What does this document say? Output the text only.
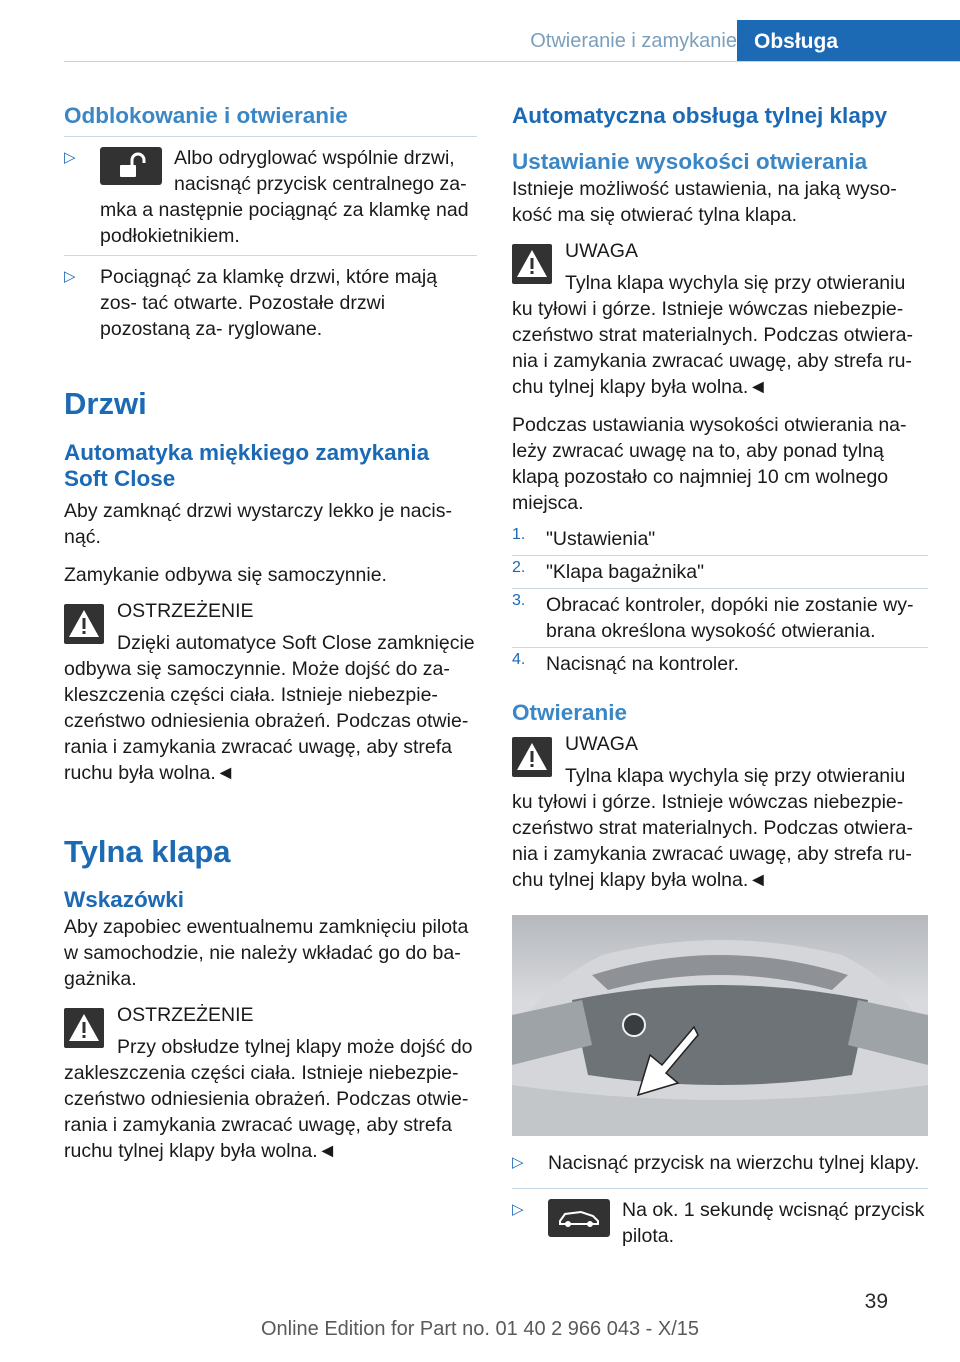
Otwieranie i zamykanie Obsługa
Odblokowanie i otwieranie
▷	Albo odryglować wspólnie drzwi,

nacisnąć przycisk centralnego za-

mka a następnie pociągnąć za klamkę nad podłokietnikiem.

▷ Pociągnąć za klamkę drzwi, które mają zos- tać otwarte. Pozostałe drzwi pozostaną za- ryglowane.

Drzwi
Automatyka miękkiego zamykania Soft Close

Aby zamknąć drzwi wystarczy lekko je nacis- nąć.

Zamykanie odbywa się samoczynnie.

OSTRZEŻENIE

Dzięki automatyce Soft Close zamknięcie

odbywa się samoczynnie. Może dojść do za- kleszczenia części ciała. Istnieje niebezpie- czeństwo odniesienia obrażeń. Podczas otwie- rania i zamykania zwracać uwagę, aby strefa ruchu była wolna.◄

Tylna klapa
Wskazówki

Aby zapobiec ewentualnemu zamknięciu pilota w samochodzie, nie należy wkładać go do ba- gażnika.

OSTRZEŻENIE

Przy obsłudze tylnej klapy może dojść do

zakleszczenia części ciała. Istnieje niebezpie- czeństwo odniesienia obrażeń. Podczas otwie- rania i zamykania zwracać uwagę, aby strefa ruchu tylnej klapy była wolna.◄

Automatyczna obsługa tylnej klapy
Ustawianie wysokości otwierania

Istnieje możliwość ustawienia, na jaką wyso- kość ma się otwierać tylna klapa.

UWAGA

Tylna klapa wychyla się przy otwieraniu

ku tyłowi i górze. Istnieje wówczas niebezpie- czeństwo strat materialnych. Podczas otwiera- nia i zamykania zwracać uwagę, aby strefa ru- chu tylnej klapy była wolna.◄

Podczas ustawiania wysokości otwierania na- leży zwracać uwagę na to, aby ponad tylną klapą pozostało co najmniej 10 cm wolnego miejsca.

1. "Ustawienia"

2. "Klapa bagażnika"

3. Obracać kontroler, dopóki nie zostanie wy- brana określona wysokość otwierania.

4. Nacisnąć na kontroler.

Otwieranie

UWAGA

Tylna klapa wychyla się przy otwieraniu

ku tyłowi i górze. Istnieje wówczas niebezpie- czeństwo strat materialnych. Podczas otwiera- nia i zamykania zwracać uwagę, aby strefa ru- chu tylnej klapy była wolna.◄

▷ Nacisnąć przycisk na wierzchu tylnej klapy.

▷	Na ok. 1 sekundę wcisnąć przycisk

pilota.

39
Online Edition for Part no. 01 40 2 966 043 - X/15
